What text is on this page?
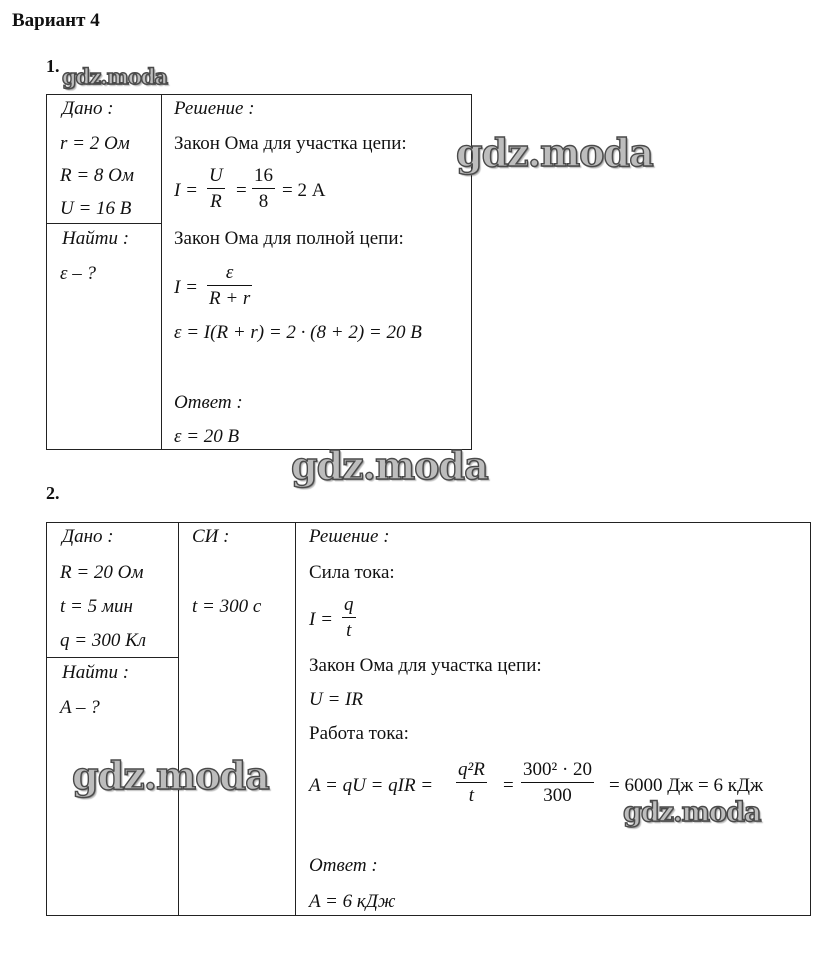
Вариант 4
1.
Дано :
r = 2 Ом
R = 8 Ом
U = 16 В
Найти :
ε – ?
Решение :
Закон Ома для участка цепи:
I =
U
R
=
16
8
= 2 А
Закон Ома для полной цепи:
I =
ε
R + r
ε = I(R + r) = 2 · (8 + 2) = 20 В
Ответ :
ε = 20 В
2.
Дано :
R = 20 Ом
t = 5 мин
q = 300 Кл
Найти :
A – ?
СИ :
t = 300 с
Решение :
Сила тока:
I =
q
t
Закон Ома для участка цепи:
U = IR
Работа тока:
A = qU = qIR =
q²R
t =
300² · 20
300 = 6000 Дж = 6 кДж
Ответ :
A = 6 кДж
gdz.moda
gdz.moda
gdz.moda
gdz.moda
gdz.moda
